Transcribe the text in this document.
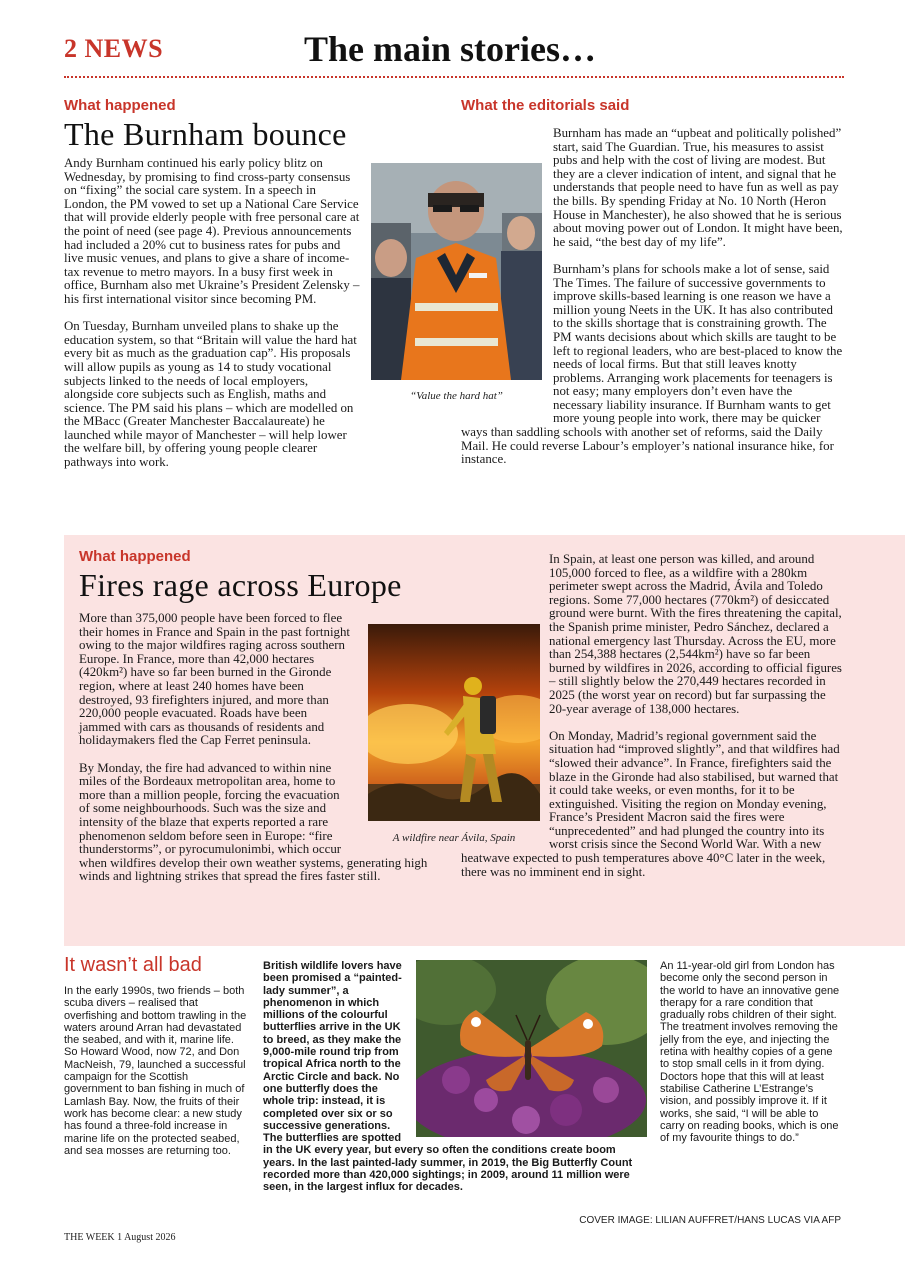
2 NEWS	The main stories…
What happened
The Burnham bounce

Andy Burnham continued his early policy blitz on Wednesday, by promising to find cross-party consensus on “fixing” the social care system. In a speech in London, the PM vowed to set up a National Care Service that will provide elderly people with free personal care at the point of need (see page 4). Previous announcements had included a 20% cut to business rates for pubs and live music venues, and plans to give a share of income-tax revenue to metro mayors. In a busy first week in office, Burnham also met Ukraine’s President Zelensky – his first international visitor since becoming PM.

On Tuesday, Burnham unveiled plans to shake up the education system, so that “Britain will value the hard hat every bit as much as the graduation cap”. His proposals will allow pupils as young as 14 to study vocational subjects linked to the needs of local employers, alongside core subjects such as English, maths and science. The PM said his plans – which are modelled on the MBacc (Greater Manchester Baccalaureate) he launched while mayor of Manchester – will help lower the welfare bill, by offering young people clearer pathways into work.

“Value the hard hat”
What the editorials said

Burnham has made an “upbeat and politically polished” start, said The Guardian. True, his measures to assist pubs and help with the cost of living are modest. But they are a clever indication of intent, and signal that he understands that people need to have fun as well as pay the bills. By spending Friday at No. 10 North (Heron House in Manchester), he also showed that he is serious about moving power out of London. It might have been, he said, “the best day of my life”.

Burnham’s plans for schools make a lot of sense, said The Times. The failure of successive governments to improve skills-based learning is one reason we have a million young Neets in the UK. It has also contributed to the skills shortage that is constraining growth. The PM wants decisions about which skills are taught to be left to regional leaders, who are best-placed to know the needs of local firms. But that still leaves knotty problems. Arranging work placements for teenagers is not easy; many employers don’t even have the necessary liability insurance. If Burnham wants to get more young people into work, there may be quicker ways than saddling schools with another set of reforms, said the Daily Mail. He could reverse Labour’s employer’s national insurance hike, for instance.

What happened
Fires rage across Europe

More than 375,000 people have been forced to flee their homes in France and Spain in the past fortnight owing to the major wildfires raging across southern Europe. In France, more than 42,000 hectares (420km²) have so far been burned in the Gironde region, where at least 240 homes have been destroyed, 93 firefighters injured, and more than 220,000 people evacuated. Roads have been jammed with cars as thousands of residents and holidaymakers fled the Cap Ferret peninsula.

By Monday, the fire had advanced to within nine miles of the Bordeaux metropolitan area, home to more than a million people, forcing the evacuation of some neighbourhoods. Such was the size and intensity of the blaze that experts reported a rare phenomenon seldom before seen in Europe: “fire thunderstorms”, or pyrocumulonimbi, which occur when wildfires develop their own weather systems, generating high winds and lightning strikes that spread the fires faster still.

A wildfire near Ávila, Spain

In Spain, at least one person was killed, and around 105,000 forced to flee, as a wildfire with a 280km perimeter swept across the Madrid, Ávila and Toledo regions. Some 77,000 hectares (770km²) of desiccated ground were burnt. With the fires threatening the capital, the Spanish prime minister, Pedro Sánchez, declared a national emergency last Thursday. Across the EU, more than 254,388 hectares (2,544km²) have so far been burned by wildfires in 2026, according to official figures – still slightly below the 270,449 hectares recorded in 2025 (the worst year on record) but far surpassing the 20-year average of 138,000 hectares.

On Monday, Madrid’s regional government said the situation had “improved slightly”, and that wildfires had “slowed their advance”. In France, firefighters said the blaze in the Gironde had also stabilised, but warned that it could take weeks, or even months, for it to be extinguished. Visiting the region on Monday evening, France’s President Macron said the fires were “unprecedented” and had plunged the country into its worst crisis since the Second World War. With a new heatwave expected to push temperatures above 40°C later in the week, there was no imminent end in sight.

It wasn’t all bad

In the early 1990s, two friends – both scuba divers – realised that overfishing and bottom trawling in the waters around Arran had devastated the seabed, and with it, marine life. So Howard Wood, now 72, and Don MacNeish, 79, launched a successful campaign for the Scottish government to ban fishing in much of Lamlash Bay. Now, the fruits of their work has become clear: a new study has found a three-fold increase in marine life on the protected seabed, and sea mosses are returning too.

British wildlife lovers have been promised a “painted-lady summer”, a phenomenon in which millions of the colourful butterflies arrive in the UK to breed, as they make the 9,000-mile round trip from tropical Africa north to the Arctic Circle and back. No one butterfly does the whole trip: instead, it is completed over six or so successive generations. The butterflies are spotted in the UK every year, but every so often the conditions create boom years. In the last painted-lady summer, in 2019, the Big Butterfly Count recorded more than 420,000 sightings; in 2009, around 11 million were seen, in the largest influx for decades.

An 11-year-old girl from London has become only the second person in the world to have an innovative gene therapy for a rare condition that gradually robs children of their sight. The treatment involves removing the jelly from the eye, and injecting the retina with healthy copies of a gene to stop small cells in it from dying. Doctors hope that this will at least stabilise Catherine L’Estrange’s vision, and possibly improve it. If it works, she said, “I will be able to carry on reading books, which is one of my favourite things to do.”

COVER IMAGE: LILIAN AUFFRET/HANS LUCAS VIA AFP
THE WEEK 1 August 2026
